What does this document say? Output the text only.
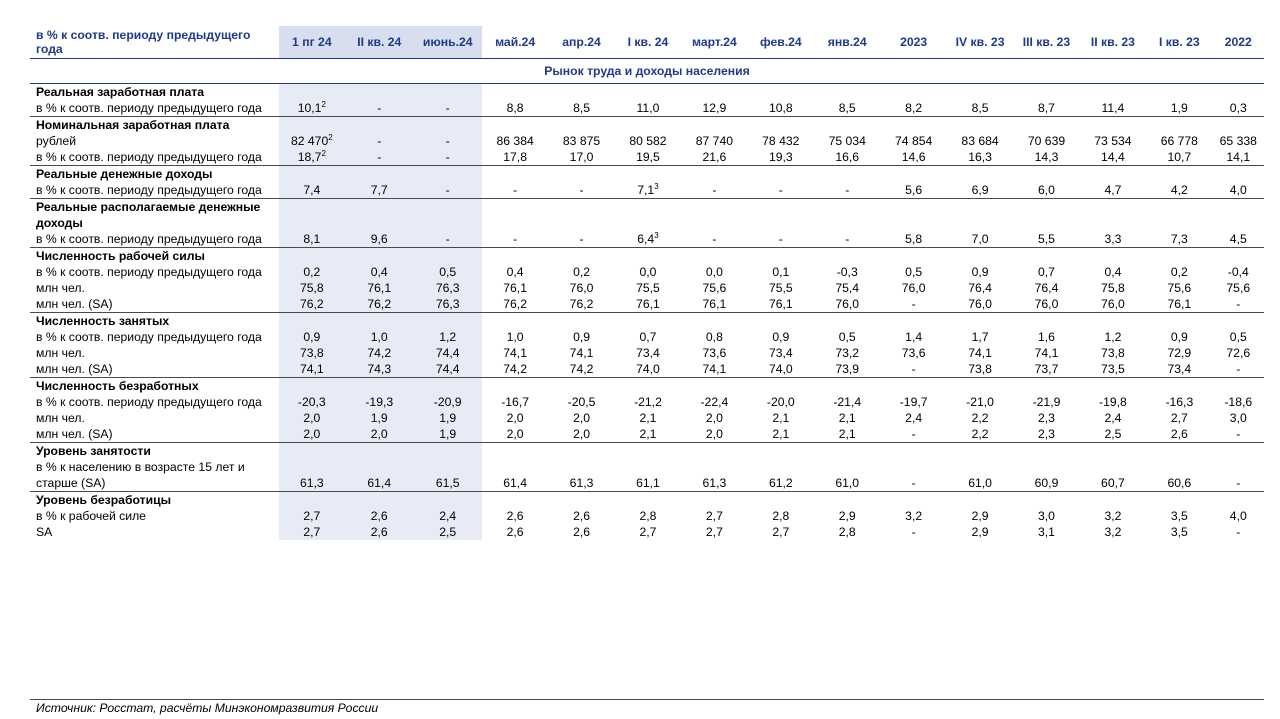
в % к соотв. периоду предыдущего года	1 пг 24	II кв. 24	июнь.24	май.24	апр.24	I кв. 24	март.24	фев.24	янв.24	2023	IV кв. 23	III кв. 23	II кв. 23	I кв. 23	2022
Рынок труда и доходы населения															
Реальная заработная плата															
в % к соотв. периоду предыдущего года	10,1$^2$	-	-	8,8	8,5	11,0	12,9	10,8	8,5	8,2	8,5	8,7	11,4	1,9	0,3
Номинальная заработная плата															
рублей	82 $470^2$	-	-	86 384	83 875	80 582	87 740	78 432	75 034	74 854	83 684	70 639	73 534	66 778	65 338
в % к соотв. периоду предыдущего года	18,7$^2$	-	-	17,8	17,0	19,5	21,6	19,3	16,6	14,6	16,3	14,3	14,4	10,7	14,1
Реальные денежные доходы															
в % к соотв. периоду предыдущего года	7,4	7,7	-	-	-	$7,1^3$	-	-	-	5,6	6,9	6,0	4,7	4,2	4,0
Реальные располагаемые денежные доходы															
в % к соотв. периоду предыдущего года	8,1	9,6	-	-	-	$6,4^3$	-	-	-	5,8	7,0	5,5	3,3	7,3	4,5
Численность рабочей силы															
в % к соотв. периоду предыдущего года	0,2	0,4	0,5	0,4	0,2	0,0	0,0	0,1	-0,3	0,5	0,9	0,7	0,4	0,2	-0,4
млн чел.	75,8	76,1	76,3	76,1	76,0	75,5	75,6	75,5	75,4	76,0	76,4	76,4	75,8	75,6	75,6
млн чел. (SA)	76,2	76,2	76,3	76,2	76,2	76,1	76,1	76,1	76,0	-	76,0	76,0	76,0	76,1	-
Численность занятых															
в % к соотв. периоду предыдущего года	0,9	1,0	1,2	1,0	0,9	0,7	0,8	0,9	0,5	1,4	1,7	1,6	1,2	0,9	0,5
млн чел.	73,8	74,2	74,4	74,1	74,1	73,4	73,6	73,4	73,2	73,6	74,1	74,1	73,8	72,9	72,6
млн чел. (SA)	74,1	74,3	74,4	74,2	74,2	74,0	74,1	74,0	73,9	-	73,8	73,7	73,5	73,4	-
Численность безработных															
в % к соотв. периоду предыдущего года	-20,3	-19,3	-20,9	-16,7	-20,5	-21,2	-22,4	-20,0	-21,4	-19,7	-21,0	-21,9	-19,8	-16,3	-18,6
млн чел.	2,0	1,9	1,9	2,0	2,0	2,1	2,0	2,1	2,1	2,4	2,2	2,3	2,4	2,7	3,0
млн чел. (SA)	2,0	2,0	1,9	2,0	2,0	2,1	2,0	2,1	2,1	-	2,2	2,3	2,5	2,6	-
Уровень занятости															
в % к населению в возрасте 15 лет и старше (SA)	61,3	61,4	61,5	61,4	61,3	61,1	61,3	61,2	61,0	-	61,0	60,9	60,7	60,6	-
Уровень безработицы															
в % к рабочей силе	2,7	2,6	2,4	2,6	2,6	2,8	2,7	2,8	2,9	3,2	2,9	3,0	3,2	3,5	4,0
SA	2,7	2,6	2,5	2,6	2,6	2,7	2,7	2,7	2,8	-	2,9	3,1	3,2	3,5	-
Источник: Росстат, расчёты Минэкономразвития России
